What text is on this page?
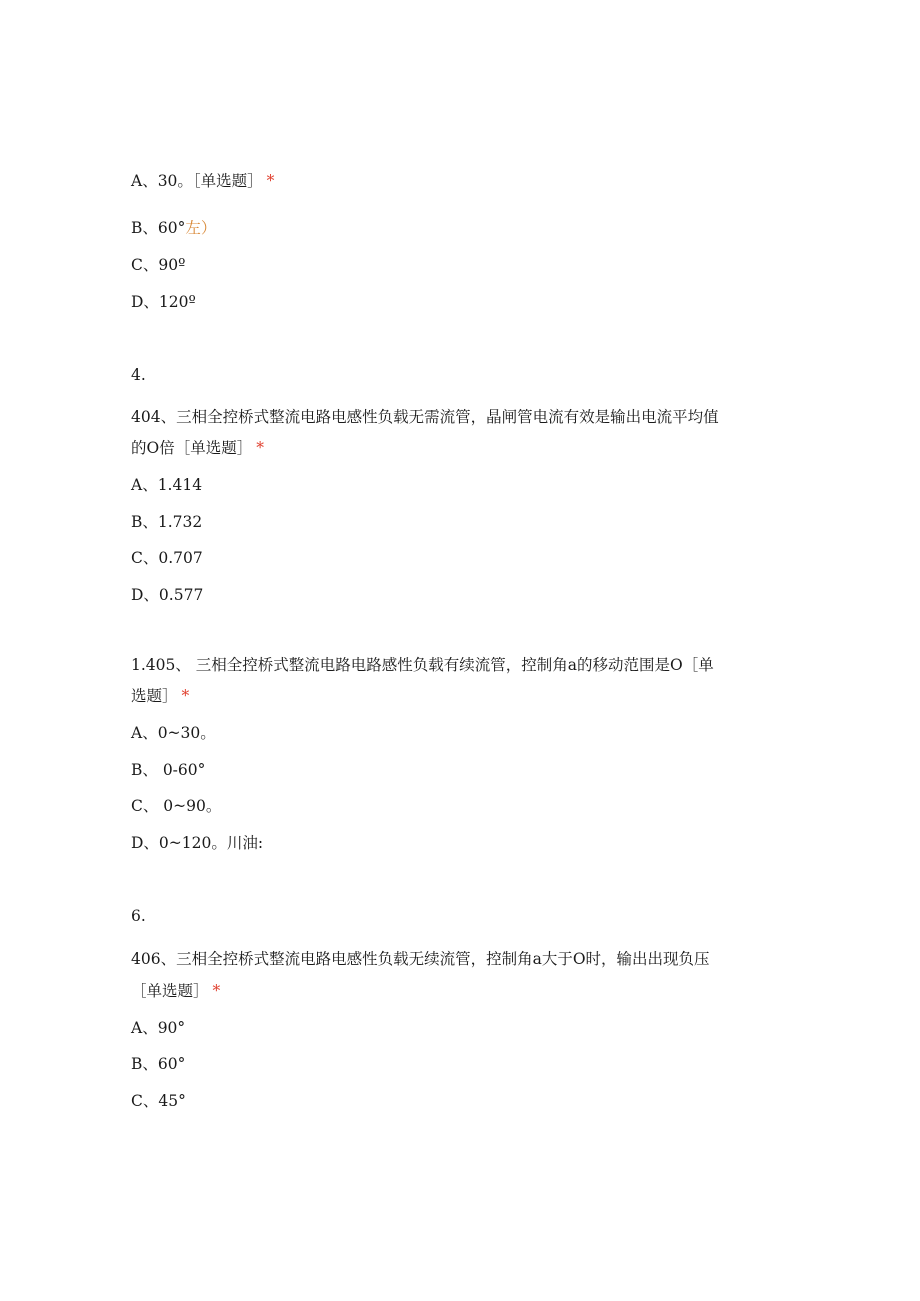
A、30。［单选题］ *
B、60°左）
C、90º
D、120º
4.
404、三相全控桥式整流电路电感性负载无需流管，晶闸管电流有效是输出电流平均值
的O倍［单选题］ *
A、1.414
B、1.732
C、0.707
D、0.577
1.405、 三相全控桥式整流电路电路感性负载有续流管，控制角a的移动范围是O［单
选题］ *
A、0~30。
B、 0-60°
C、 0~90。
D、0~120。川油:
6.
406、三相全控桥式整流电路电感性负载无续流管，控制角a大于O时，输出出现负压
［单选题］ *
A、90°
B、60°
C、45°
